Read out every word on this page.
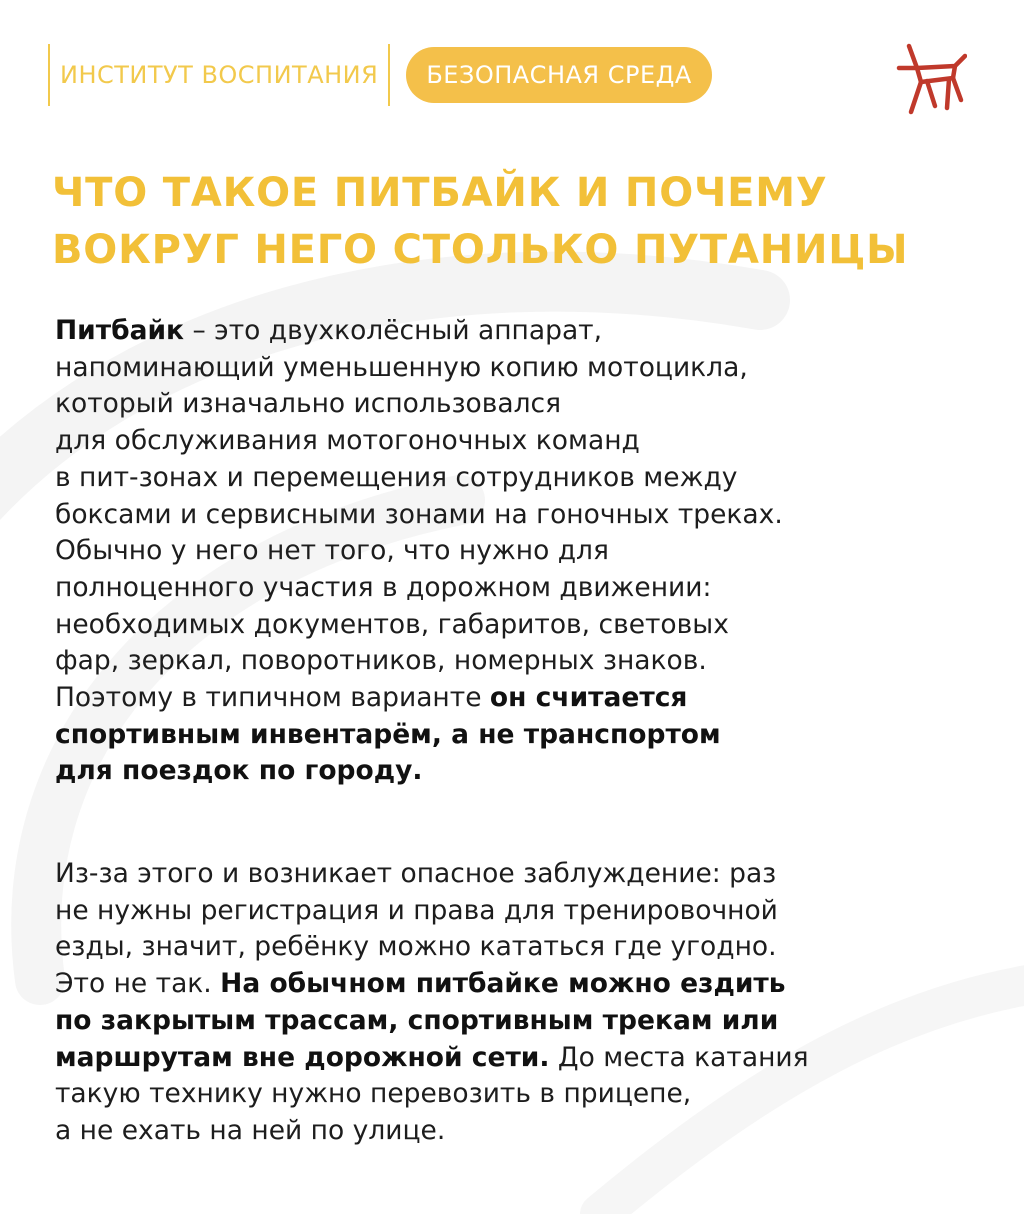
ИНСТИТУТ ВОСПИТАНИЯ	БЕЗОПАСНАЯ СРЕДА
ЧТО ТАКОЕ ПИТБАЙК И ПОЧЕМУ
ВОКРУГ НЕГО СТОЛЬКО ПУТАНИЦЫ
Питбайк – это двухколёсный аппарат,
напоминающий уменьшенную копию мотоцикла,
который изначально использовался
для обслуживания мотогоночных команд
в пит-зонах и перемещения сотрудников между
боксами и сервисными зонами на гоночных треках.
Обычно у него нет того, что нужно для
полноценного участия в дорожном движении:
необходимых документов, габаритов, световых
фар, зеркал, поворотников, номерных знаков.
Поэтому в типичном варианте он считается
спортивным инвентарём, а не транспортом
для поездок по городу.
Из-за этого и возникает опасное заблуждение: раз
не нужны регистрация и права для тренировочной
езды, значит, ребёнку можно кататься где угодно.
Это не так. На обычном питбайке можно ездить
по закрытым трассам, спортивным трекам или
маршрутам вне дорожной сети. До места катания
такую технику нужно перевозить в прицепе,
а не ехать на ней по улице.
